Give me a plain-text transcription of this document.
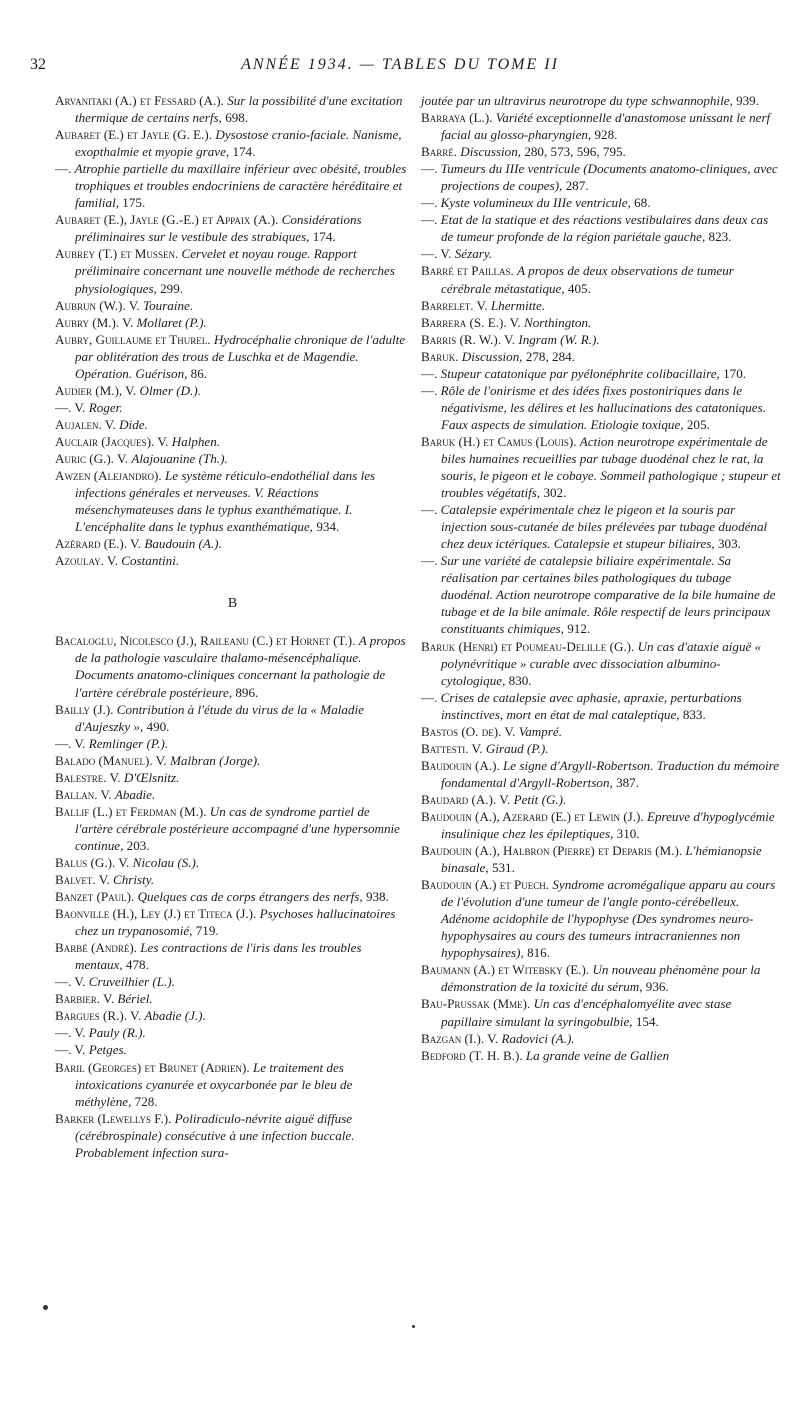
32	ANNÉE 1934. — TABLES DU TOME II

Arvanitaki (A.) et Fessard (A.). Sur la possibilité d'une excitation thermique de certains nerfs, 698.

Aubaret (E.) et Jayle (G. E.). Dysostose cranio-faciale. Nanisme, exopthalmie et myopie grave, 174.

—. Atrophie partielle du maxillaire inférieur avec obésité, troubles trophiques et troubles endocriniens de caractère héréditaire et familial, 175.

Aubaret (E.), Jayle (G.-E.) et Appaix (A.). Considérations préliminaires sur le vestibule des strabiques, 174.

Aubrey (T.) et Mussen. Cervelet et noyau rouge. Rapport préliminaire concernant une nouvelle méthode de recherches physiologiques, 299.

Aubrun (W.). V. Touraine.

Aubry (M.). V. Mollaret (P.).

Aubry, Guillaume et Thurel. Hydrocéphalie chronique de l'adulte par oblitération des trous de Luschka et de Magendie. Opération. Guérison, 86.

Audier (M.), V. Olmer (D.).

—. V. Roger.

Aujalen. V. Dide.

Auclair (Jacques). V. Halphen.

Auric (G.). V. Alajouanine (Th.).

Awzen (Alejandro). Le système réticulo-endothélial dans les infections générales et nerveuses. V. Réactions mésenchymateuses dans le typhus exanthématique. I. L'encéphalite dans le typhus exanthématique, 934.

Azérard (E.). V. Baudouin (A.).

Azoulay. V. Costantini.

B

Bacaloglu, Nicolesco (J.), Raileanu (C.) et Hornet (T.). A propos de la pathologie vasculaire thalamo-mésencéphalique. Documents anatomo-cliniques concernant la pathologie de l'artère cérébrale postérieure, 896.

Bailly (J.). Contribution à l'étude du virus de la « Maladie d'Aujeszky », 490.

—. V. Remlinger (P.).

Balado (Manuel). V. Malbran (Jorge).

Balestre. V. D'Œlsnitz.

Ballan. V. Abadie.

Ballif (L.) et Ferdman (M.). Un cas de syndrome partiel de l'artère cérébrale postérieure accompagné d'une hypersomnie continue, 203.

Balus (G.). V. Nicolau (S.).

Balvet. V. Christy.

Banzet (Paul). Quelques cas de corps étrangers des nerfs, 938.

Baonville (H.), Ley (J.) et Titeca (J.). Psychoses hallucinatoires chez un trypanosomié, 719.

Barbé (André). Les contractions de l'iris dans les troubles mentaux, 478.

—. V. Cruveilhier (L.).

Barbier. V. Bériel.

Bargues (R.). V. Abadie (J.).

—. V. Pauly (R.).

—. V. Petges.

Baril (Georges) et Brunet (Adrien). Le traitement des intoxications cyanurée et oxycarbonée par le bleu de méthylène, 728.

Barker (Lewellys F.). Poliradiculo-névrite aiguë diffuse (cérébrospinale) consécutive à une infection buccale. Probablement infection sura-

joutée par un ultravirus neurotrope du type schwannophile, 939.

Barraya (L.). Variété exceptionnelle d'anastomose unissant le nerf facial au glosso-pharyngien, 928.

Barré. Discussion, 280, 573, 596, 795.

—. Tumeurs du IIIe ventricule (Documents anatomo-cliniques, avec projections de coupes), 287.

—. Kyste volumineux du IIIe ventricule, 68.

—. Etat de la statique et des réactions vestibulaires dans deux cas de tumeur profonde de la région pariétale gauche, 823.

—. V. Sézary.

Barré et Paillas. A propos de deux observations de tumeur cérébrale métastatique, 405.

Barrelet. V. Lhermitte.

Barrera (S. E.). V. Northington.

Barris (R. W.). V. Ingram (W. R.).

Baruk. Discussion, 278, 284.

—. Stupeur catatonique par pyélonéphrite colibacillaire, 170.

—. Rôle de l'onirisme et des idées fixes postoniriques dans le négativisme, les délires et les hallucinations des catatoniques. Faux aspects de simulation. Etiologie toxique, 205.

Baruk (H.) et Camus (Louis). Action neurotrope expérimentale de biles humaines recueillies par tubage duodénal chez le rat, la souris, le pigeon et le cobaye. Sommeil pathologique ; stupeur et troubles végétatifs, 302.

—. Catalepsie expérimentale chez le pigeon et la souris par injection sous-cutanée de biles prélevées par tubage duodénal chez deux ictériques. Catalepsie et stupeur biliaires, 303.

—. Sur une variété de catalepsie biliaire expérimentale. Sa réalisation par certaines biles pathologiques du tubage duodénal. Action neurotrope comparative de la bile humaine de tubage et de la bile animale. Rôle respectif de leurs principaux constituants chimiques, 912.

Baruk (Henri) et Poumeau-Delille (G.). Un cas d'ataxie aiguë « polynévritique » curable avec dissociation albumino-cytologique, 830.

—. Crises de catalepsie avec aphasie, apraxie, perturbations instinctives, mort en état de mal cataleptique, 833.

Bastos (O. de). V. Vampré.

Battesti. V. Giraud (P.).

Baudouin (A.). Le signe d'Argyll-Robertson. Traduction du mémoire fondamental d'Argyll-Robertson, 387.

Baudard (A.). V. Petit (G.).

Baudouin (A.), Azerard (E.) et Lewin (J.). Epreuve d'hypoglycémie insulinique chez les épileptiques, 310.

Baudouin (A.), Halbron (Pierre) et Deparis (M.). L'hémianopsie binasale, 531.

Baudouin (A.) et Puech. Syndrome acromégalique apparu au cours de l'évolution d'une tumeur de l'angle ponto-cérébelleux. Adénome acidophile de l'hypophyse (Des syndromes neuro-hypophysaires au cours des tumeurs intracraniennes non hypophysaires), 816.

Baumann (A.) et Witebsky (E.). Un nouveau phénomène pour la démonstration de la toxicité du sérum, 936.

Bau-Prussak (Mme). Un cas d'encéphalomyélite avec stase papillaire simulant la syringobulbie, 154.

Bazgan (I.). V. Radovici (A.).

Bedford (T. H. B.). La grande veine de Gallien
